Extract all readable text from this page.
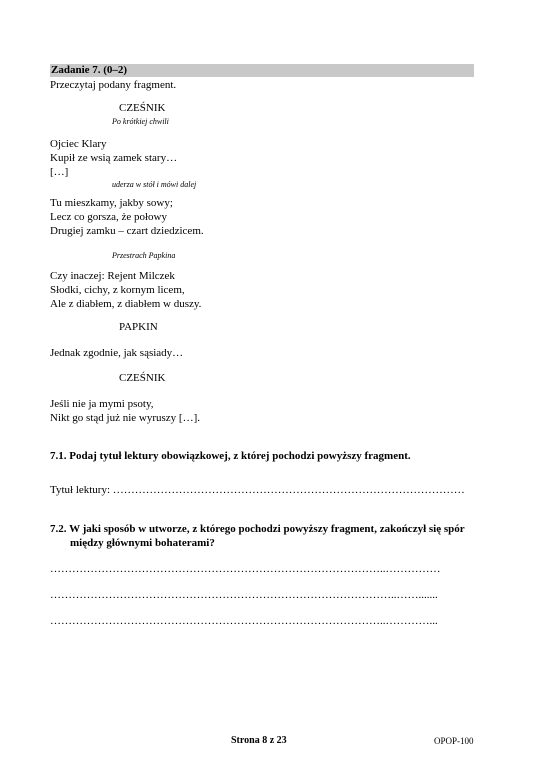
Zadanie 7. (0–2)
Przeczytaj podany fragment.
CZEŚNIK
Po krótkiej chwili
Ojciec Klary
Kupił ze wsią zamek stary…
[…]
uderza w stół i mówi dalej
Tu mieszkamy, jakby sowy;
Lecz co gorsza, że połowy
Drugiej zamku – czart dziedzicem.
Przestrach Papkina
Czy inaczej: Rejent Milczek
Słodki, cichy, z kornym licem,
Ale z diabłem, z diabłem w duszy.
PAPKIN
Jednak zgodnie, jak sąsiady…
CZEŚNIK
Jeśli nie ja mymi psoty,
Nikt go stąd już nie wyruszy […].
7.1. Podaj tytuł lektury obowiązkowej, z której pochodzi powyższy fragment.
Tytuł lektury: ……………………………………………………………………………………
7.2. W jaki sposób w utworze, z którego pochodzi powyższy fragment, zakończył się spór
między głównymi bohaterami?
………………………………………………………………………………..……………
…………………………………………………………………………………..…….......
………………………………………………………………………………..…………...
Strona 8 z 23	OPOP-100
